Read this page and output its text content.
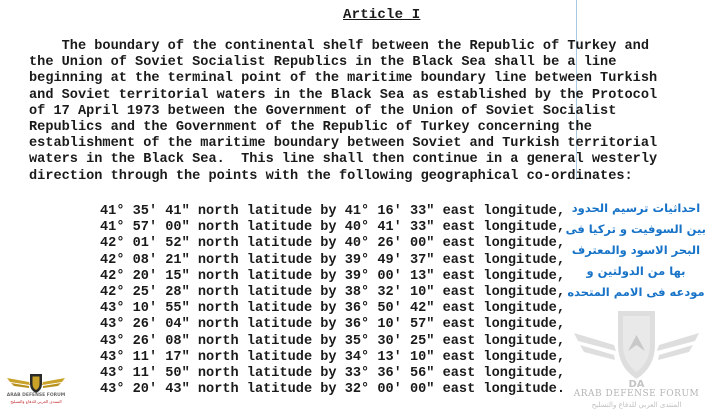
Article I
The boundary of the continental shelf between the Republic of Turkey and
the Union of Soviet Socialist Republics in the Black Sea shall be a line
beginning at the terminal point of the maritime boundary line between Turkish
and Soviet territorial waters in the Black Sea as established by the Protocol
of 17 April 1973 between the Government of the Union of Soviet Socialist
Republics and the Government of the Republic of Turkey concerning the
establishment of the maritime boundary between Soviet and Turkish territorial
waters in the Black Sea.  This line shall then continue in a general westerly
direction through the points with the following geographical co-ordinates:
41° 35' 41" north latitude by 41° 16' 33" east longitude,
41° 57' 00" north latitude by 40° 41' 33" east longitude,
42° 01' 52" north latitude by 40° 26' 00" east longitude,
42° 08' 21" north latitude by 39° 49' 37" east longitude,
42° 20' 15" north latitude by 39° 00' 13" east longitude,
42° 25' 28" north latitude by 38° 32' 10" east longitude,
43° 10' 55" north latitude by 36° 50' 42" east longitude,
43° 26' 04" north latitude by 36° 10' 57" east longitude,
43° 26' 08" north latitude by 35° 30' 25" east longitude,
43° 11' 17" north latitude by 34° 13' 10" east longitude,
43° 11' 50" north latitude by 33° 36' 56" east longitude,
43° 20' 43" north latitude by 32° 00' 00" east longitude.
احداثيات ترسيم الحدود
بين السوفيت و تركيا فى
البحر الاسود والمعترف
بها من الدولتين و
مودعه فى الامم المتحده
DA
ARAB DEFENSE FORUM
المنتدى العربي للدفاع والتسليح
ARAB DEFENSE FORUM
المنتدى العربي للدفاع والتسليح
